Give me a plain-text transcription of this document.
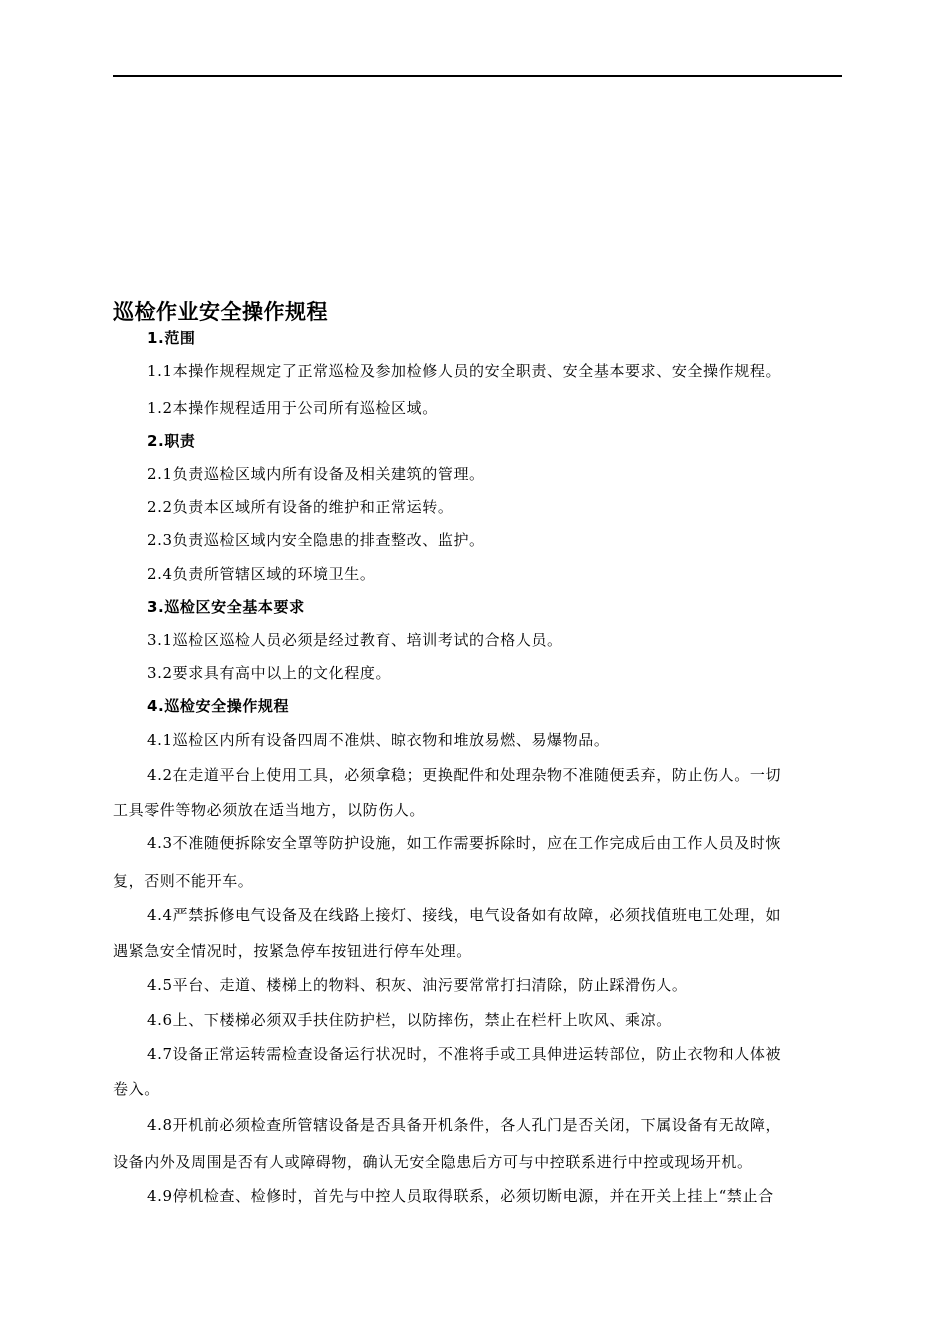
巡检作业安全操作规程
1.范围
1.1本操作规程规定了正常巡检及参加检修人员的安全职责、安全基本要求、安全操作规程。
1.2本操作规程适用于公司所有巡检区域。
2.职责
2.1负责巡检区域内所有设备及相关建筑的管理。
2.2负责本区域所有设备的维护和正常运转。
2.3负责巡检区域内安全隐患的排查整改、监护。
2.4负责所管辖区域的环境卫生。
3.巡检区安全基本要求
3.1巡检区巡检人员必须是经过教育、培训考试的合格人员。
3.2要求具有高中以上的文化程度。
4.巡检安全操作规程
4.1巡检区内所有设备四周不准烘、晾衣物和堆放易燃、易爆物品。
4.2在走道平台上使用工具，必须拿稳；更换配件和处理杂物不准随便丢弃，防止伤人。一切
工具零件等物必须放在适当地方，以防伤人。
4.3不准随便拆除安全罩等防护设施，如工作需要拆除时，应在工作完成后由工作人员及时恢
复，否则不能开车。
4.4严禁拆修电气设备及在线路上接灯、接线，电气设备如有故障，必须找值班电工处理，如
遇紧急安全情况时，按紧急停车按钮进行停车处理。
4.5平台、走道、楼梯上的物料、积灰、油污要常常打扫清除，防止踩滑伤人。
4.6上、下楼梯必须双手扶住防护栏，以防摔伤，禁止在栏杆上吹风、乘凉。
4.7设备正常运转需检查设备运行状况时，不准将手或工具伸进运转部位，防止衣物和人体被
卷入。
4.8开机前必须检查所管辖设备是否具备开机条件，各人孔门是否关闭，下属设备有无故障，
设备内外及周围是否有人或障碍物，确认无安全隐患后方可与中控联系进行中控或现场开机。
4.9停机检查、检修时，首先与中控人员取得联系，必须切断电源，并在开关上挂上“禁止合
